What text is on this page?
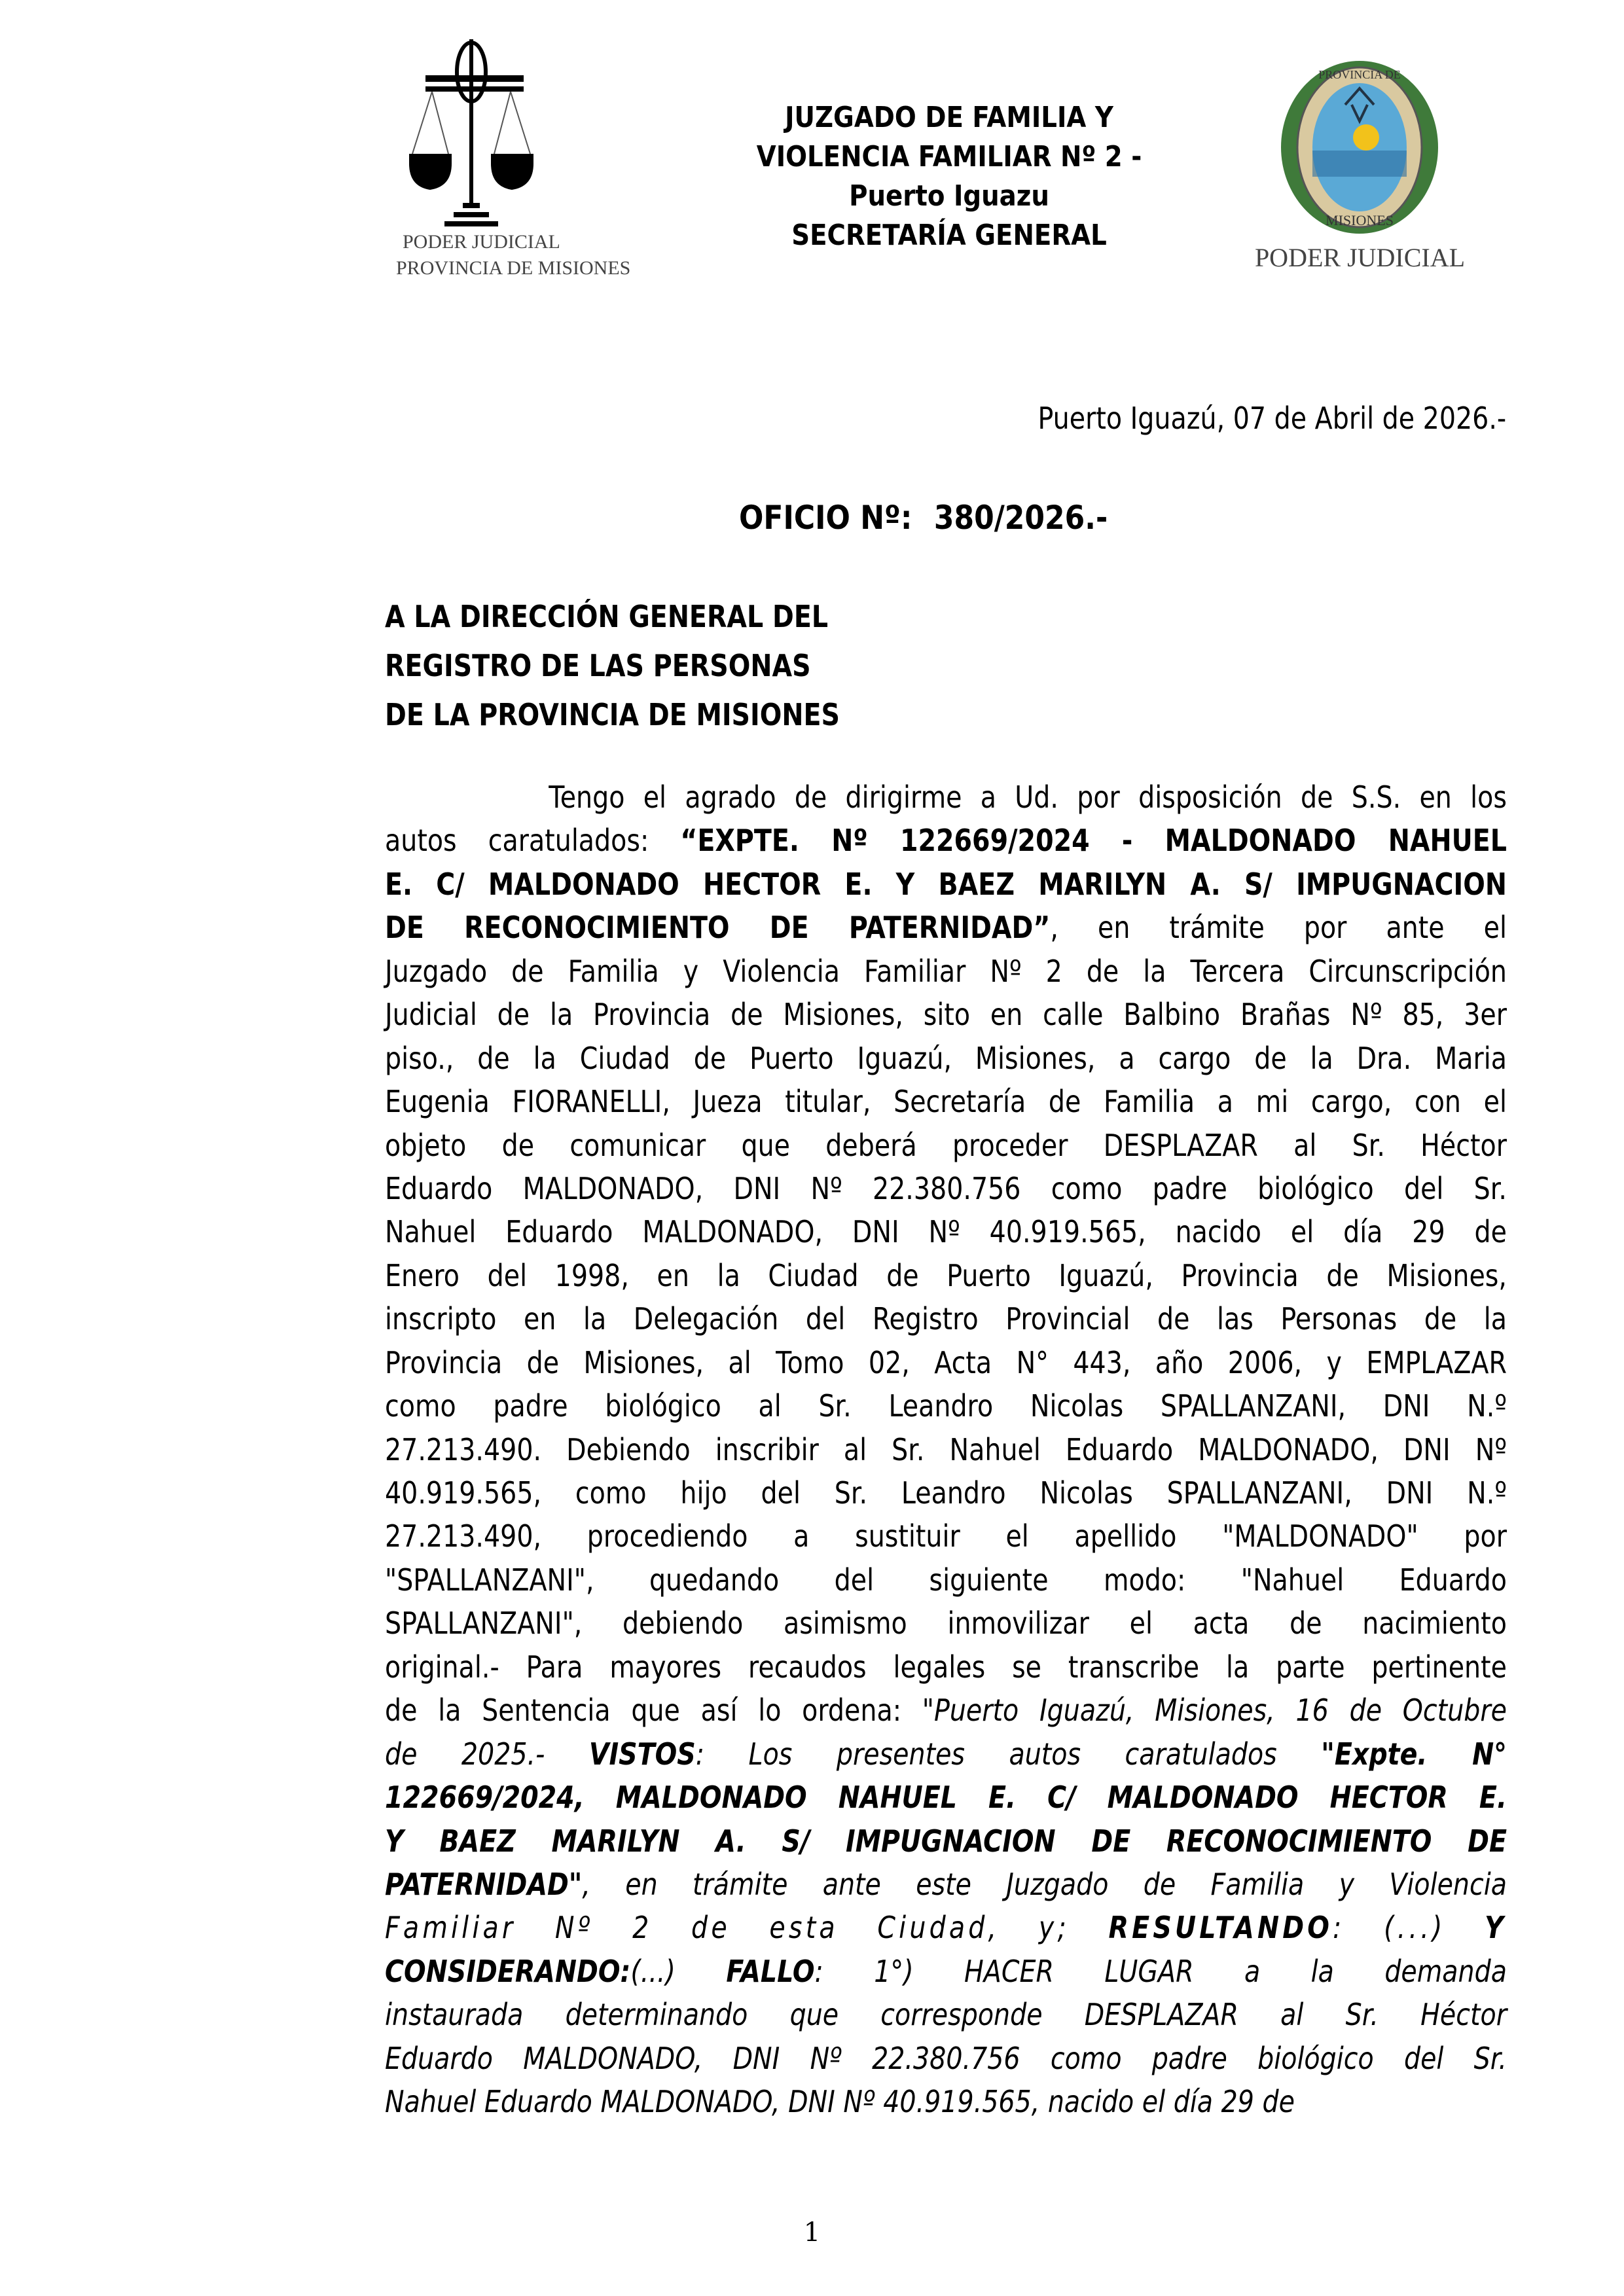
PODER JUDICIAL
PROVINCIA DE MISIONES
JUZGADO DE FAMILIA Y
VIOLENCIA FAMILIAR Nº 2 -
Puerto Iguazu
SECRETARÍA GENERAL
PROVINCIA DE
MISIONES
PODER JUDICIAL
Puerto Iguazú, 07 de Abril de 2026.-
OFICIO Nº: 380/2026.-
A LA DIRECCIÓN GENERAL DEL
REGISTRO DE LAS PERSONAS
DE LA PROVINCIA DE MISIONES
Tengo el agrado de dirigirme a Ud. por disposición de S.S. en los
autos caratulados: “EXPTE. Nº 122669/2024 - MALDONADO NAHUEL
E. C/ MALDONADO HECTOR E. Y BAEZ MARILYN A. S/ IMPUGNACION
DE RECONOCIMIENTO DE PATERNIDAD”, en trámite por ante el
Juzgado de Familia y Violencia Familiar Nº 2 de la Tercera Circunscripción
Judicial de la Provincia de Misiones, sito en calle Balbino Brañas Nº 85, 3er
piso., de la Ciudad de Puerto Iguazú, Misiones, a cargo de la Dra. Maria
Eugenia FIORANELLI, Jueza titular, Secretaría de Familia a mi cargo, con el
objeto de comunicar que deberá proceder DESPLAZAR al Sr. Héctor
Eduardo MALDONADO, DNI Nº 22.380.756 como padre biológico del Sr.
Nahuel Eduardo MALDONADO, DNI Nº 40.919.565, nacido el día 29 de
Enero del 1998, en la Ciudad de Puerto Iguazú, Provincia de Misiones,
inscripto en la Delegación del Registro Provincial de las Personas de la
Provincia de Misiones, al Tomo 02, Acta N° 443, año 2006, y EMPLAZAR
como padre biológico al Sr. Leandro Nicolas SPALLANZANI, DNI N.º
27.213.490. Debiendo inscribir al Sr. Nahuel Eduardo MALDONADO, DNI Nº
40.919.565, como hijo del Sr. Leandro Nicolas SPALLANZANI, DNI N.º
27.213.490, procediendo a sustituir el apellido "MALDONADO" por
"SPALLANZANI", quedando del siguiente modo: "Nahuel Eduardo
SPALLANZANI", debiendo asimismo inmovilizar el acta de nacimiento
original.- Para mayores recaudos legales se transcribe la parte pertinente
de la Sentencia que así lo ordena: "Puerto Iguazú, Misiones, 16 de Octubre
de 2025.- VISTOS: Los presentes autos caratulados "Expte. N°
122669/2024, MALDONADO NAHUEL E. C/ MALDONADO HECTOR E.
Y BAEZ MARILYN A. S/ IMPUGNACION DE RECONOCIMIENTO DE
PATERNIDAD", en trámite ante este Juzgado de Familia y Violencia
Familiar Nº 2 de esta Ciudad, y; RESULTANDO: (...) Y
CONSIDERANDO:(...) FALLO: 1°) HACER LUGAR a la demanda
instaurada determinando que corresponde DESPLAZAR al Sr. Héctor
Eduardo MALDONADO, DNI Nº 22.380.756 como padre biológico del Sr.
Nahuel Eduardo MALDONADO, DNI Nº 40.919.565, nacido el día 29 de
1
